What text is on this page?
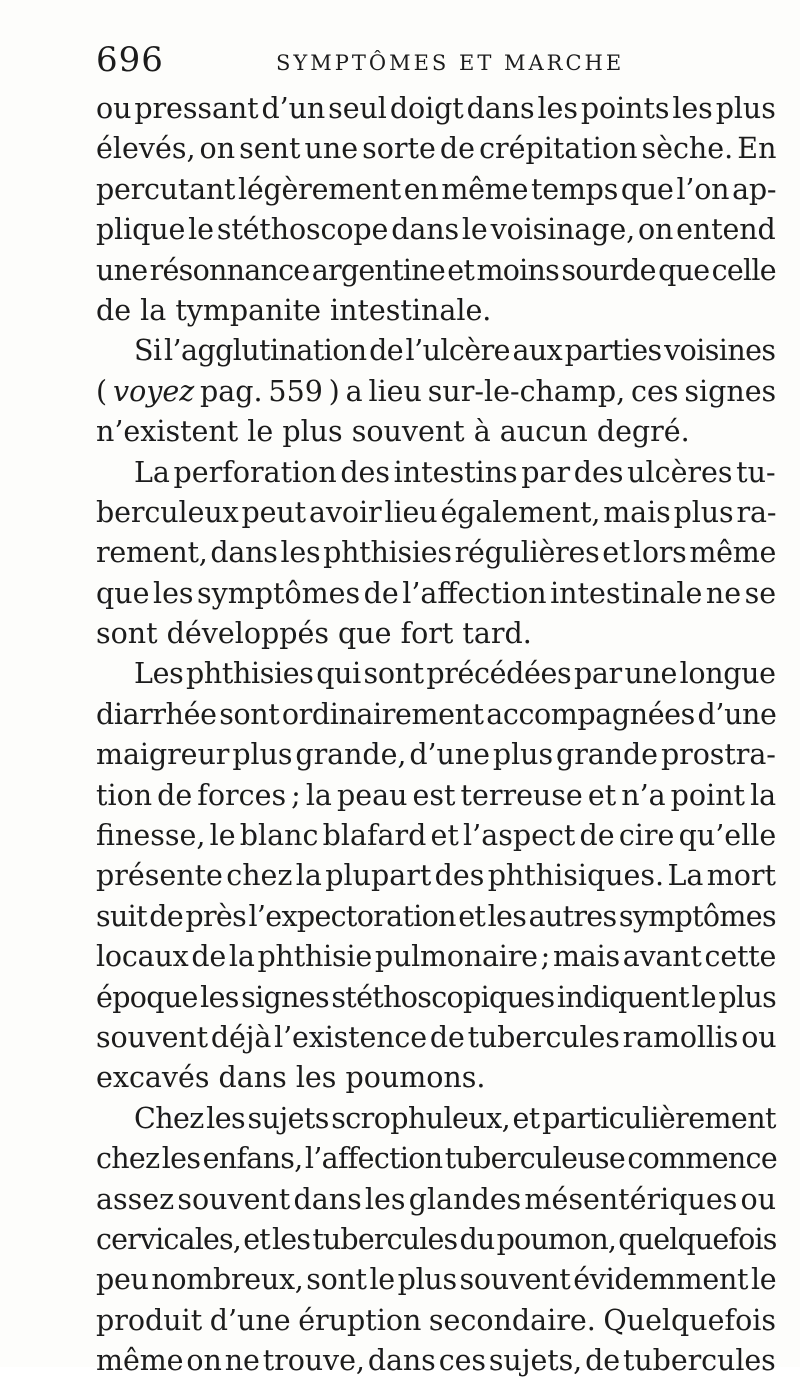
696	SYMPTÔMES ET MARCHE
ou pressant d’un seul doigt dans les points les plus
élevés, on sent une sorte de crépitation sèche. En
percutant légèrement en même temps que l’on ap-
plique le stéthoscope dans le voisinage, on entend
une résonnance argentine et moins sourde que celle
de la tympanite intestinale.
Si l’agglutination de l’ulcère aux parties voisines
( voyez pag. 559 ) a lieu sur-le-champ, ces signes
n’existent le plus souvent à aucun degré.
La perforation des intestins par des ulcères tu-
berculeux peut avoir lieu également, mais plus ra-
rement, dans les phthisies régulières et lors même
que les symptômes de l’affection intestinale ne se
sont développés que fort tard.
Les phthisies qui sont précédées par une longue
diarrhée sont ordinairement accompagnées d’une
maigreur plus grande, d’une plus grande prostra-
tion de forces ; la peau est terreuse et n’a point la
finesse, le blanc blafard et l’aspect de cire qu’elle
présente chez la plupart des phthisiques. La mort
suit de près l’expectoration et les autres symptômes
locaux de la phthisie pulmonaire ; mais avant cette
époque les signes stéthoscopiques indiquent le plus
souvent déjà l’existence de tubercules ramollis ou
excavés dans les poumons.
Chez les sujets scrophuleux, et particulièrement
chez les enfans, l’affection tuberculeuse commence
assez souvent dans les glandes mésentériques ou
cervicales, et les tubercules du poumon, quelquefois
peu nombreux, sont le plus souvent évidemment le
produit d’une éruption secondaire. Quelquefois
même on ne trouve, dans ces sujets, de tubercules
